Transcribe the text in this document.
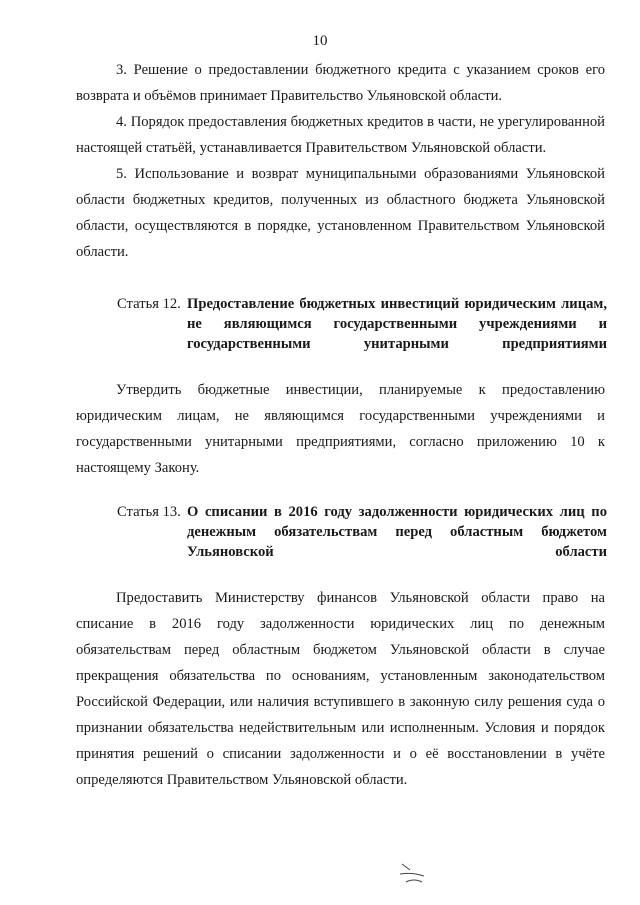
10

3. Решение о предоставлении бюджетного кредита с указанием сроков его возврата и объёмов принимает Правительство Ульяновской области.

4. Порядок предоставления бюджетных кредитов в части, не урегулированной настоящей статьёй, устанавливается Правительством Ульяновской области.

5. Использование и возврат муниципальными образованиями Ульяновской области бюджетных кредитов, полученных из областного бюджета Ульяновской области, осуществляются в порядке, установленном Правительством Ульяновской области.

Статья 12. Предоставление бюджетных инвестиций юридическим лицам, не являющимся государственными учреждениями и государственными унитарными предприятиями

Утвердить бюджетные инвестиции, планируемые к предоставлению юридическим лицам, не являющимся государственными учреждениями и государственными унитарными предприятиями, согласно приложению 10 к настоящему Закону.

Статья 13. О списании в 2016 году задолженности юридических лиц по денежным обязательствам перед областным бюджетом Ульяновской области

Предоставить Министерству финансов Ульяновской области право на списание в 2016 году задолженности юридических лиц по денежным обязательствам перед областным бюджетом Ульяновской области в случае прекращения обязательства по основаниям, установленным законодательством Российской Федерации, или наличия вступившего в законную силу решения суда о признании обязательства недействительным или исполненным. Условия и порядок принятия решений о списании задолженности и о её восстановлении в учёте определяются Правительством Ульяновской области.
